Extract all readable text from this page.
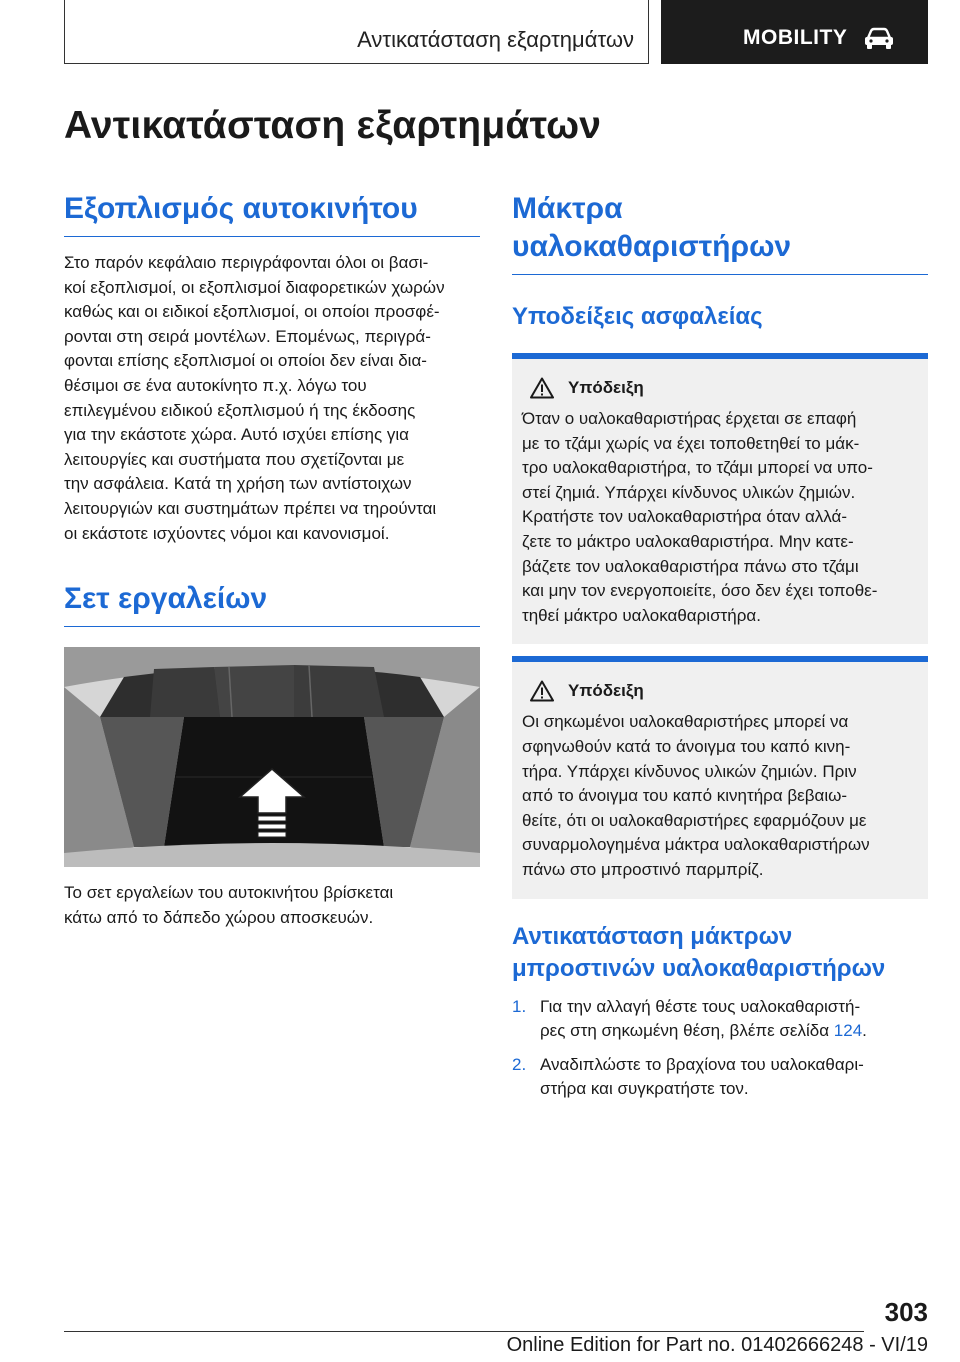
Αντικατάσταση εξαρτημάτων	MOBILITY
Αντικατάσταση εξαρτημάτων
Εξοπλισμός αυτοκινήτου

Στο παρόν κεφάλαιο περιγράφονται όλοι οι βασι-
κοί εξοπλισμοί, οι εξοπλισμοί διαφορετικών χωρών
καθώς και οι ειδικοί εξοπλισμοί, οι οποίοι προσφέ-
ρονται στη σειρά μοντέλων. Επομένως, περιγρά-
φονται επίσης εξοπλισμοί οι οποίοι δεν είναι δια-
θέσιμοι σε ένα αυτοκίνητο π.χ. λόγω του
επιλεγμένου ειδικού εξοπλισμού ή της έκδοσης
για την εκάστοτε χώρα. Αυτό ισχύει επίσης για
λειτουργίες και συστήματα που σχετίζονται με
την ασφάλεια. Κατά τη χρήση των αντίστοιχων
λειτουργιών και συστημάτων πρέπει να τηρούνται
οι εκάστοτε ισχύοντες νόμοι και κανονισμοί.

Σετ εργαλείων

Το σετ εργαλείων του αυτοκινήτου βρίσκεται
κάτω από το δάπεδο χώρου αποσκευών.

Μάκτρα
υαλοκαθαριστήρων
Υποδείξεις ασφαλείας
Υπόδειξη

Όταν ο υαλοκαθαριστήρας έρχεται σε επαφή
με το τζάμι χωρίς να έχει τοποθετηθεί το μάκ-
τρο υαλοκαθαριστήρα, το τζάμι μπορεί να υπο-
στεί ζημιά. Υπάρχει κίνδυνος υλικών ζημιών.
Κρατήστε τον υαλοκαθαριστήρα όταν αλλά-
ζετε το μάκτρο υαλοκαθαριστήρα. Μην κατε-
βάζετε τον υαλοκαθαριστήρα πάνω στο τζάμι
και μην τον ενεργοποιείτε, όσο δεν έχει τοποθε-
τηθεί μάκτρο υαλοκαθαριστήρα.

Υπόδειξη

Οι σηκωμένοι υαλοκαθαριστήρες μπορεί να
σφηνωθούν κατά το άνοιγμα του καπό κινη-
τήρα. Υπάρχει κίνδυνος υλικών ζημιών. Πριν
από το άνοιγμα του καπό κινητήρα βεβαιω-
θείτε, ότι οι υαλοκαθαριστήρες εφαρμόζουν με
συναρμολογημένα μάκτρα υαλοκαθαριστήρων
πάνω στο μπροστινό παρμπρίζ.

Αντικατάσταση μάκτρων
μπροστινών υαλοκαθαριστήρων
1. Για την αλλαγή θέστε τους υαλοκαθαριστή-
ρες στη σηκωμένη θέση, βλέπε σελίδα 124.
2. Αναδιπλώστε το βραχίονα του υαλοκαθαρι-
στήρα και συγκρατήστε τον.
303
Online Edition for Part no. 01402666248 - VI/19
